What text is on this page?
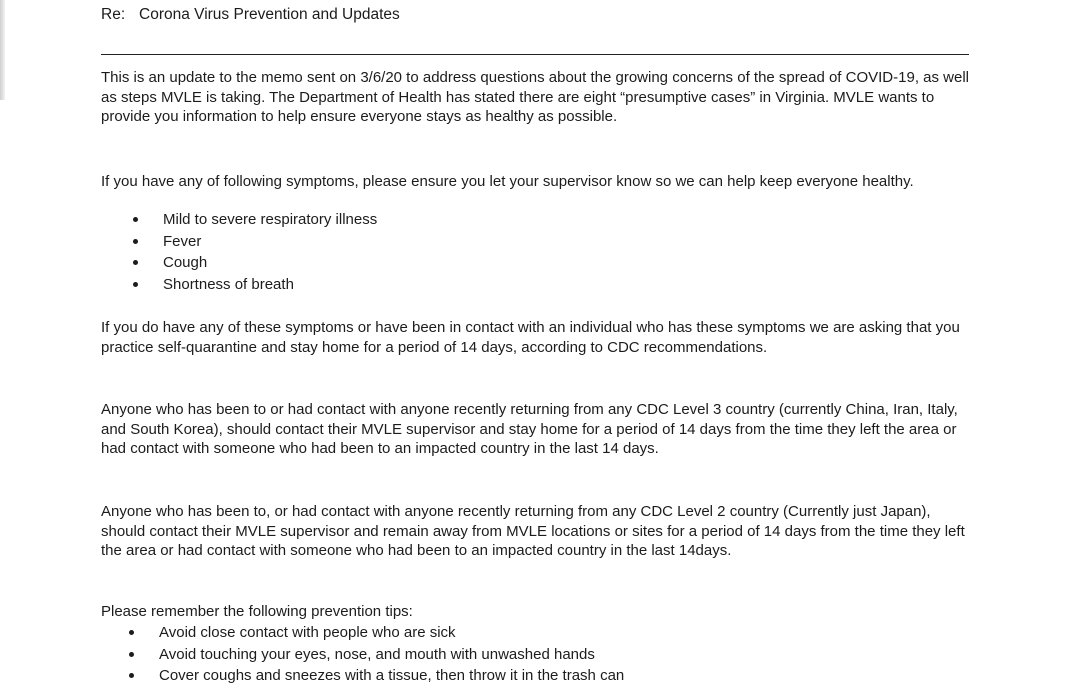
Re: Corona Virus Prevention and Updates

This is an update to the memo sent on 3/6/20 to address questions about the growing concerns of the spread of COVID-19, as well as steps MVLE is taking. The Department of Health has stated there are eight “presumptive cases” in Virginia. MVLE wants to provide you information to help ensure everyone stays as healthy as possible.

If you have any of following symptoms, please ensure you let your supervisor know so we can help keep everyone healthy.

Mild to severe respiratory illness
Fever
Cough
Shortness of breath

If you do have any of these symptoms or have been in contact with an individual who has these symptoms we are asking that you practice self-quarantine and stay home for a period of 14 days, according to CDC recommendations.

Anyone who has been to or had contact with anyone recently returning from any CDC Level 3 country (currently China, Iran, Italy, and South Korea), should contact their MVLE supervisor and stay home for a period of 14 days from the time they left the area or had contact with someone who had been to an impacted country in the last 14 days.

Anyone who has been to, or had contact with anyone recently returning from any CDC Level 2 country (Currently just Japan), should contact their MVLE supervisor and remain away from MVLE locations or sites for a period of 14 days from the time they left the area or had contact with someone who had been to an impacted country in the last 14days.

Please remember the following prevention tips:

Avoid close contact with people who are sick
Avoid touching your eyes, nose, and mouth with unwashed hands
Cover coughs and sneezes with a tissue, then throw it in the trash can
